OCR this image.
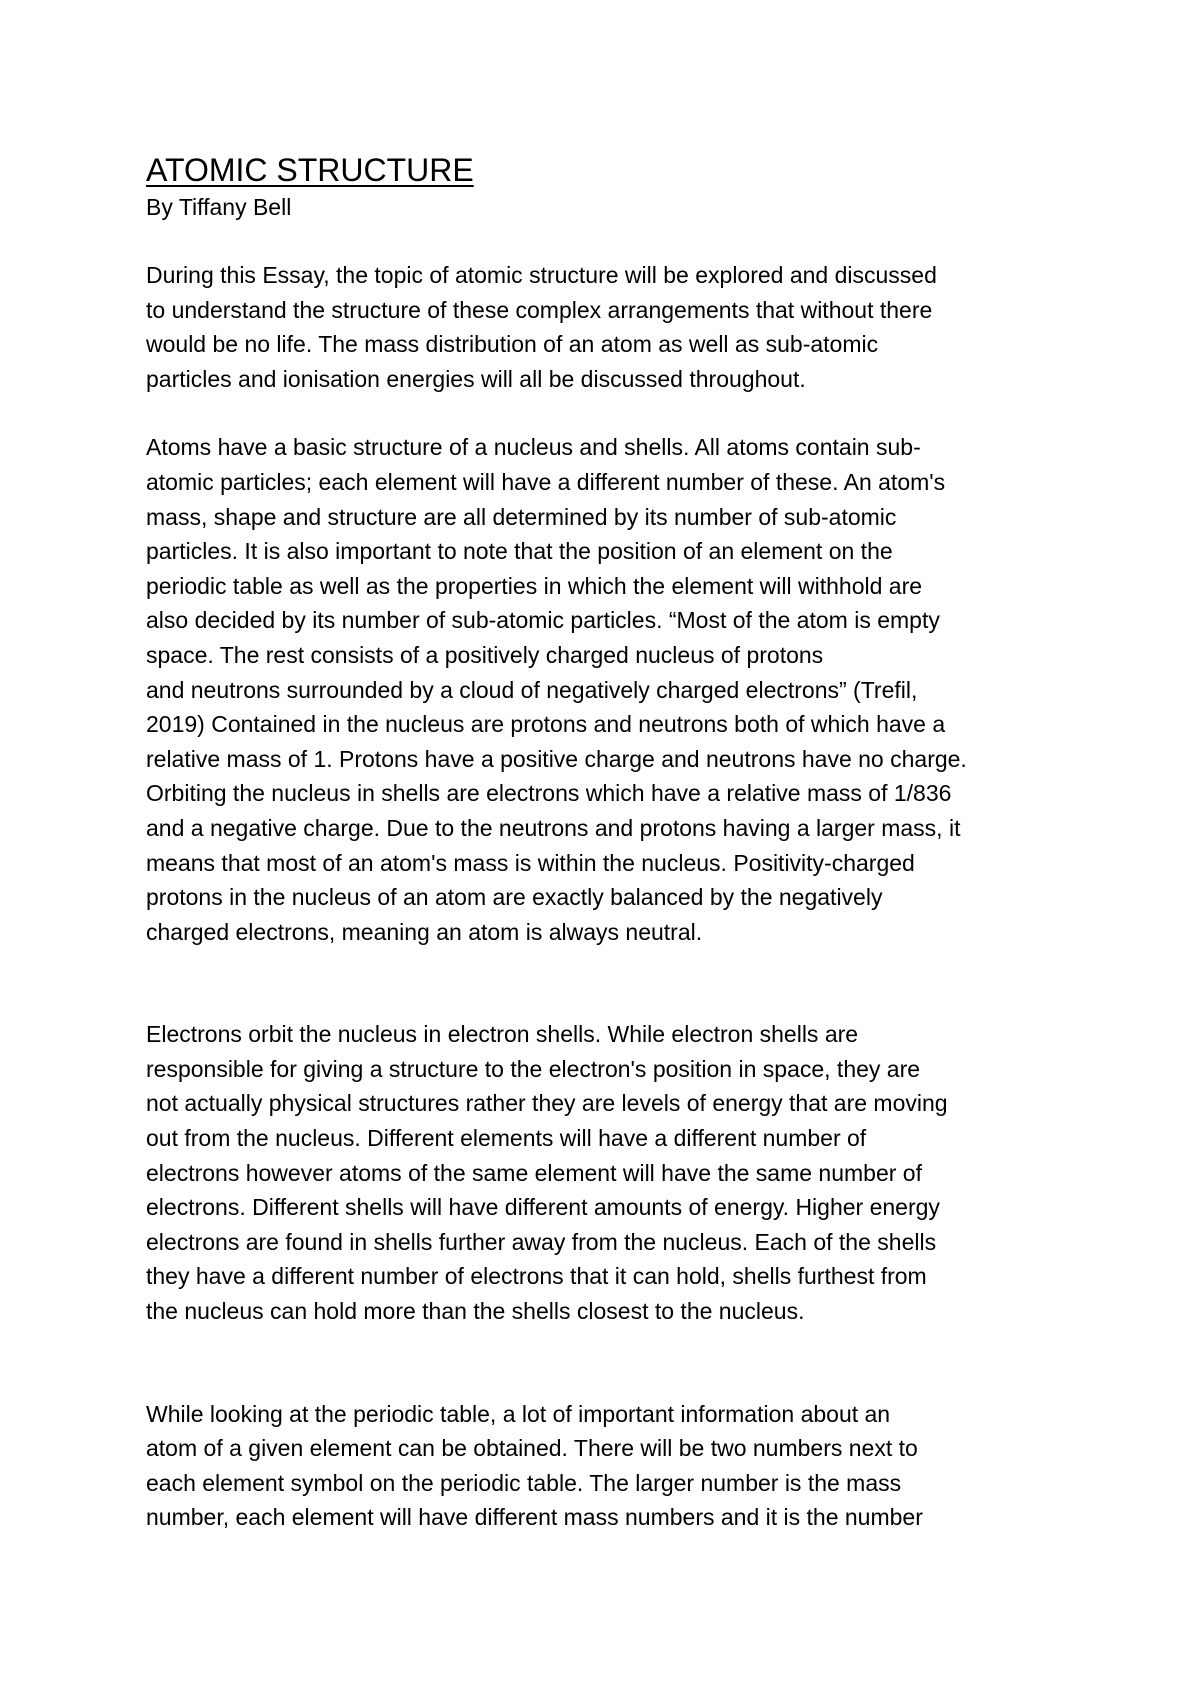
ATOMIC STRUCTURE
By Tiffany Bell

During this Essay, the topic of atomic structure will be explored and discussed

to understand the structure of these complex arrangements that without there

would be no life. The mass distribution of an atom as well as sub-atomic

particles and ionisation energies will all be discussed throughout.

Atoms have a basic structure of a nucleus and shells. All atoms contain sub-

atomic particles; each element will have a different number of these. An atom's

mass, shape and structure are all determined by its number of sub-atomic

particles. It is also important to note that the position of an element on the

periodic table as well as the properties in which the element will withhold are

also decided by its number of sub-atomic particles. “Most of the atom is empty

space. The rest consists of a positively charged nucleus of protons

and neutrons surrounded by a cloud of negatively charged electrons” (Trefil,

2019) Contained in the nucleus are protons and neutrons both of which have a

relative mass of 1. Protons have a positive charge and neutrons have no charge.

Orbiting the nucleus in shells are electrons which have a relative mass of 1/836

and a negative charge. Due to the neutrons and protons having a larger mass, it

means that most of an atom's mass is within the nucleus. Positivity-charged

protons in the nucleus of an atom are exactly balanced by the negatively

charged electrons, meaning an atom is always neutral.

Electrons orbit the nucleus in electron shells. While electron shells are

responsible for giving a structure to the electron's position in space, they are

not actually physical structures rather they are levels of energy that are moving

out from the nucleus. Different elements will have a different number of

electrons however atoms of the same element will have the same number of

electrons. Different shells will have different amounts of energy. Higher energy

electrons are found in shells further away from the nucleus. Each of the shells

they have a different number of electrons that it can hold, shells furthest from

the nucleus can hold more than the shells closest to the nucleus.

While looking at the periodic table, a lot of important information about an

atom of a given element can be obtained. There will be two numbers next to

each element symbol on the periodic table. The larger number is the mass

number, each element will have different mass numbers and it is the number
